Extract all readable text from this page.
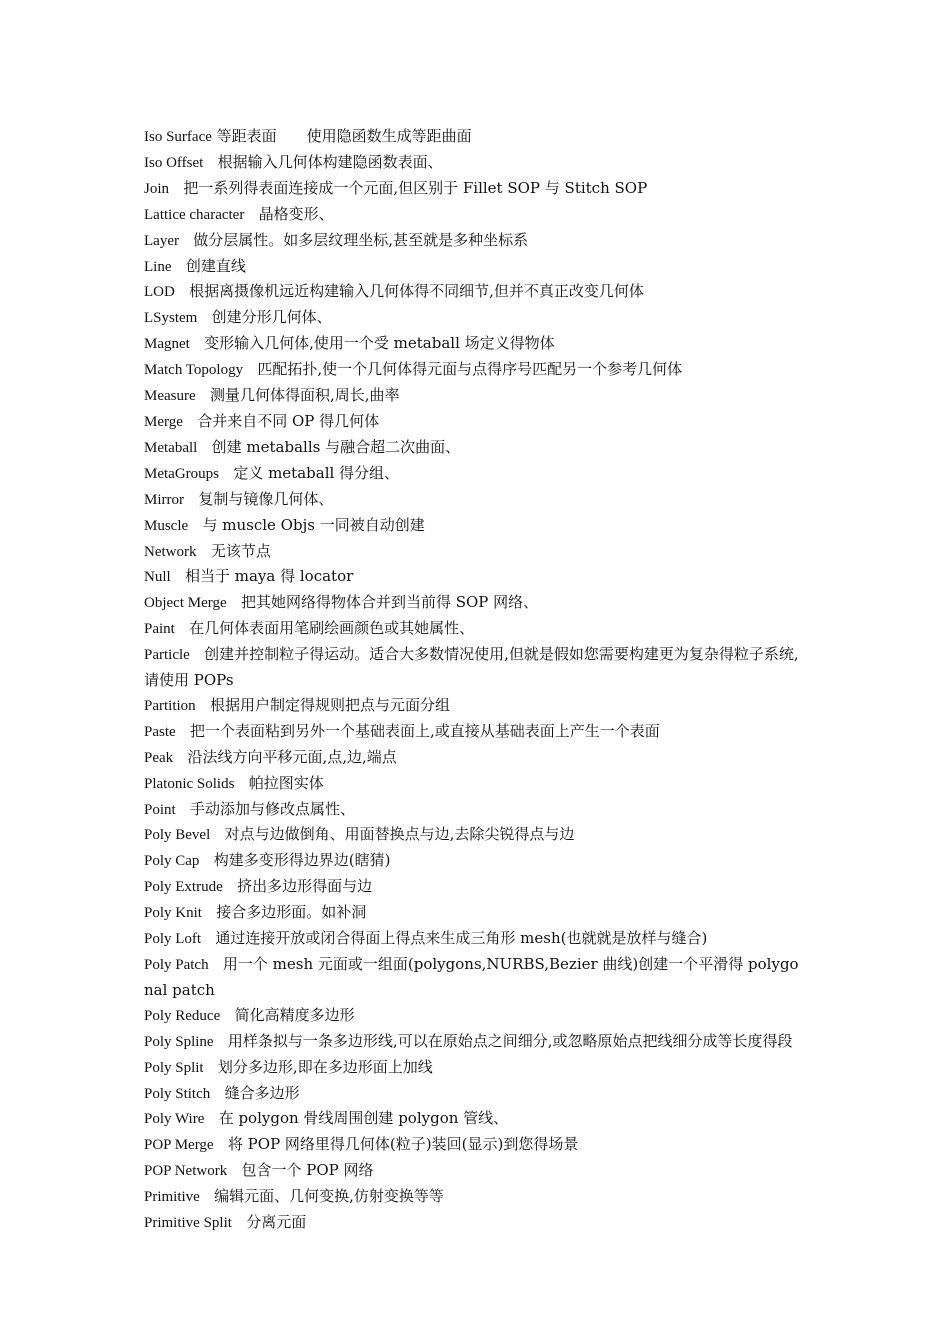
Iso Surface 等距表面　　使用隐函数生成等距曲面

Iso Offset 根据输入几何体构建隐函数表面、

Join 把一系列得表面连接成一个元面,但区别于 Fillet SOP 与 Stitch SOP

Lattice character 晶格变形、

Layer 做分层属性。如多层纹理坐标,甚至就是多种坐标系

Line 创建直线

LOD 根据离摄像机远近构建输入几何体得不同细节,但并不真正改变几何体

LSystem 创建分形几何体、

Magnet 变形输入几何体,使用一个受 metaball 场定义得物体

Match Topology 匹配拓扑,使一个几何体得元面与点得序号匹配另一个参考几何体

Measure 测量几何体得面积,周长,曲率

Merge 合并来自不同 OP 得几何体

Metaball 创建 metaballs 与融合超二次曲面、

MetaGroups 定义 metaball 得分组、

Mirror 复制与镜像几何体、

Muscle 与 muscle Objs 一同被自动创建

Network 无该节点

Null 相当于 maya 得 locator

Object Merge 把其她网络得物体合并到当前得 SOP 网络、

Paint 在几何体表面用笔刷绘画颜色或其她属性、

Particle 创建并控制粒子得运动。适合大多数情况使用,但就是假如您需要构建更为复杂得粒子系统,请使用 POPs

Partition 根据用户制定得规则把点与元面分组

Paste 把一个表面粘到另外一个基础表面上,或直接从基础表面上产生一个表面

Peak 沿法线方向平移元面,点,边,端点

Platonic Solids 帕拉图实体

Point 手动添加与修改点属性、

Poly Bevel 对点与边做倒角、用面替换点与边,去除尖锐得点与边

Poly Cap 构建多变形得边界边(瞎猜)

Poly Extrude 挤出多边形得面与边

Poly Knit 接合多边形面。如补洞

Poly Loft 通过连接开放或闭合得面上得点来生成三角形 mesh(也就就是放样与缝合)

Poly Patch 用一个 mesh 元面或一组面(polygons,NURBS,Bezier 曲线)创建一个平滑得 polygonal patch

Poly Reduce 简化高精度多边形

Poly Spline 用样条拟与一条多边形线,可以在原始点之间细分,或忽略原始点把线细分成等长度得段

Poly Split 划分多边形,即在多边形面上加线

Poly Stitch 缝合多边形

Poly Wire 在 polygon 骨线周围创建 polygon 管线、

POP Merge 将 POP 网络里得几何体(粒子)装回(显示)到您得场景

POP Network 包含一个 POP 网络

Primitive 编辑元面、几何变换,仿射变换等等

Primitive Split 分离元面
